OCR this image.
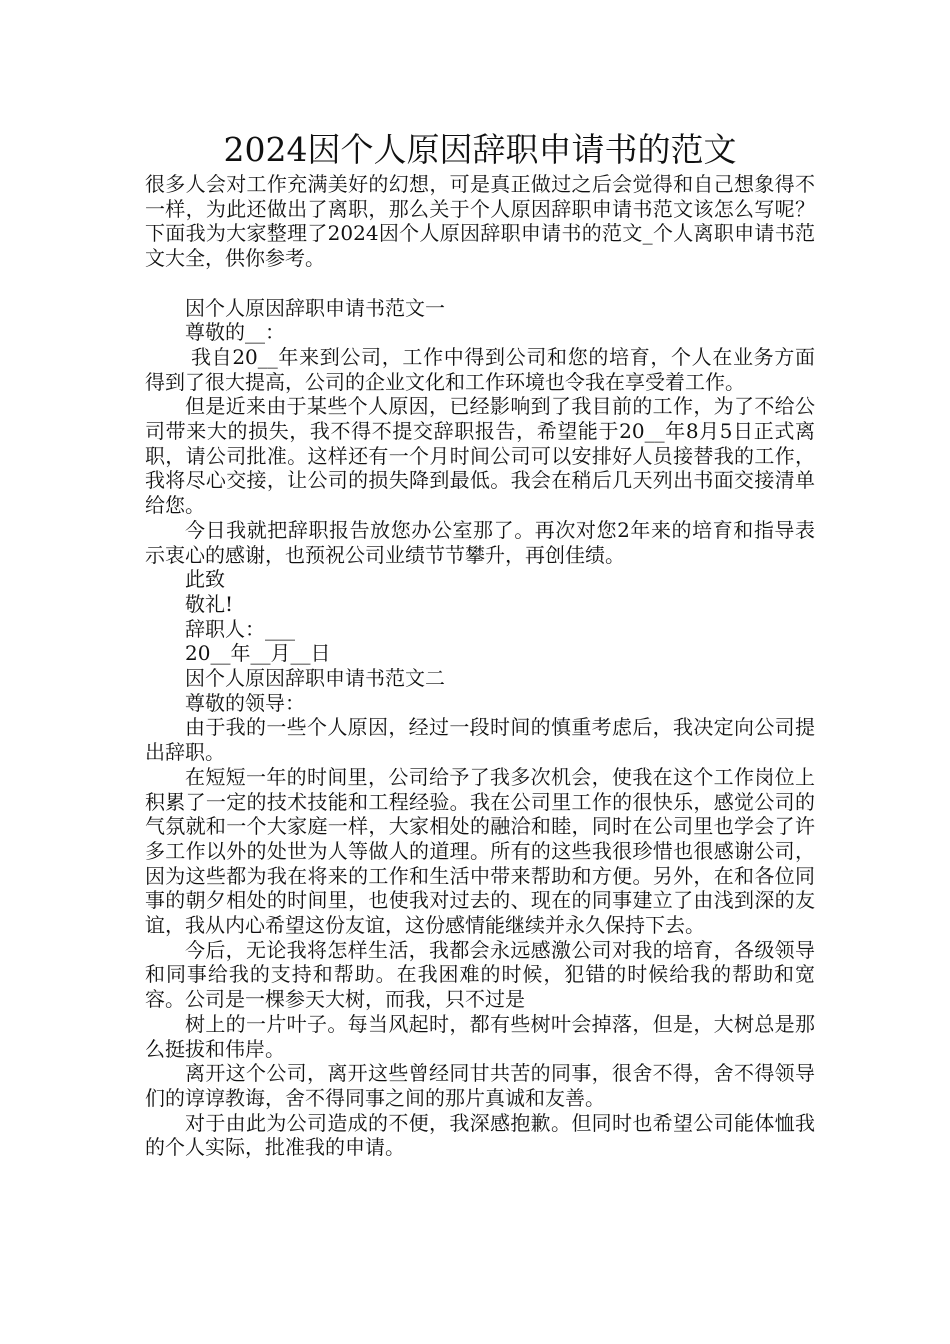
2024因个人原因辞职申请书的范文

很多人会对工作充满美好的幻想，可是真正做过之后会觉得和自己想象得不一样，为此还做出了离职，那么关于个人原因辞职申请书范文该怎么写呢？下面我为大家整理了2024因个人原因辞职申请书的范文_个人离职申请书范文大全，供你参考。

因个人原因辞职申请书范文一

尊敬的__：

我自20__年来到公司，工作中得到公司和您的培育，个人在业务方面得到了很大提高，公司的企业文化和工作环境也令我在享受着工作。

但是近来由于某些个人原因，已经影响到了我目前的工作，为了不给公司带来大的损失，我不得不提交辞职报告，希望能于20__年8月5日正式离职，请公司批准。这样还有一个月时间公司可以安排好人员接替我的工作，我将尽心交接，让公司的损失降到最低。我会在稍后几天列出书面交接清单给您。

今日我就把辞职报告放您办公室那了。再次对您2年来的培育和指导表示衷心的感谢，也预祝公司业绩节节攀升，再创佳绩。

此致

敬礼!

辞职人：___

20__年__月__日

因个人原因辞职申请书范文二

尊敬的领导：

由于我的一些个人原因，经过一段时间的慎重考虑后，我决定向公司提出辞职。

在短短一年的时间里，公司给予了我多次机会，使我在这个工作岗位上积累了一定的技术技能和工程经验。我在公司里工作的很快乐，感觉公司的气氛就和一个大家庭一样，大家相处的融洽和睦，同时在公司里也学会了许多工作以外的处世为人等做人的道理。所有的这些我很珍惜也很感谢公司，因为这些都为我在将来的工作和生活中带来帮助和方便。另外，在和各位同事的朝夕相处的时间里，也使我对过去的、现在的同事建立了由浅到深的友谊，我从内心希望这份友谊，这份感情能继续并永久保持下去。

今后，无论我将怎样生活，我都会永远感激公司对我的培育，各级领导和同事给我的支持和帮助。在我困难的时候，犯错的时候给我的帮助和宽容。公司是一棵参天大树，而我，只不过是

树上的一片叶子。每当风起时，都有些树叶会掉落，但是，大树总是那么挺拔和伟岸。

离开这个公司，离开这些曾经同甘共苦的同事，很舍不得，舍不得领导们的谆谆教诲，舍不得同事之间的那片真诚和友善。

对于由此为公司造成的不便，我深感抱歉。但同时也希望公司能体恤我的个人实际，批准我的申请。
